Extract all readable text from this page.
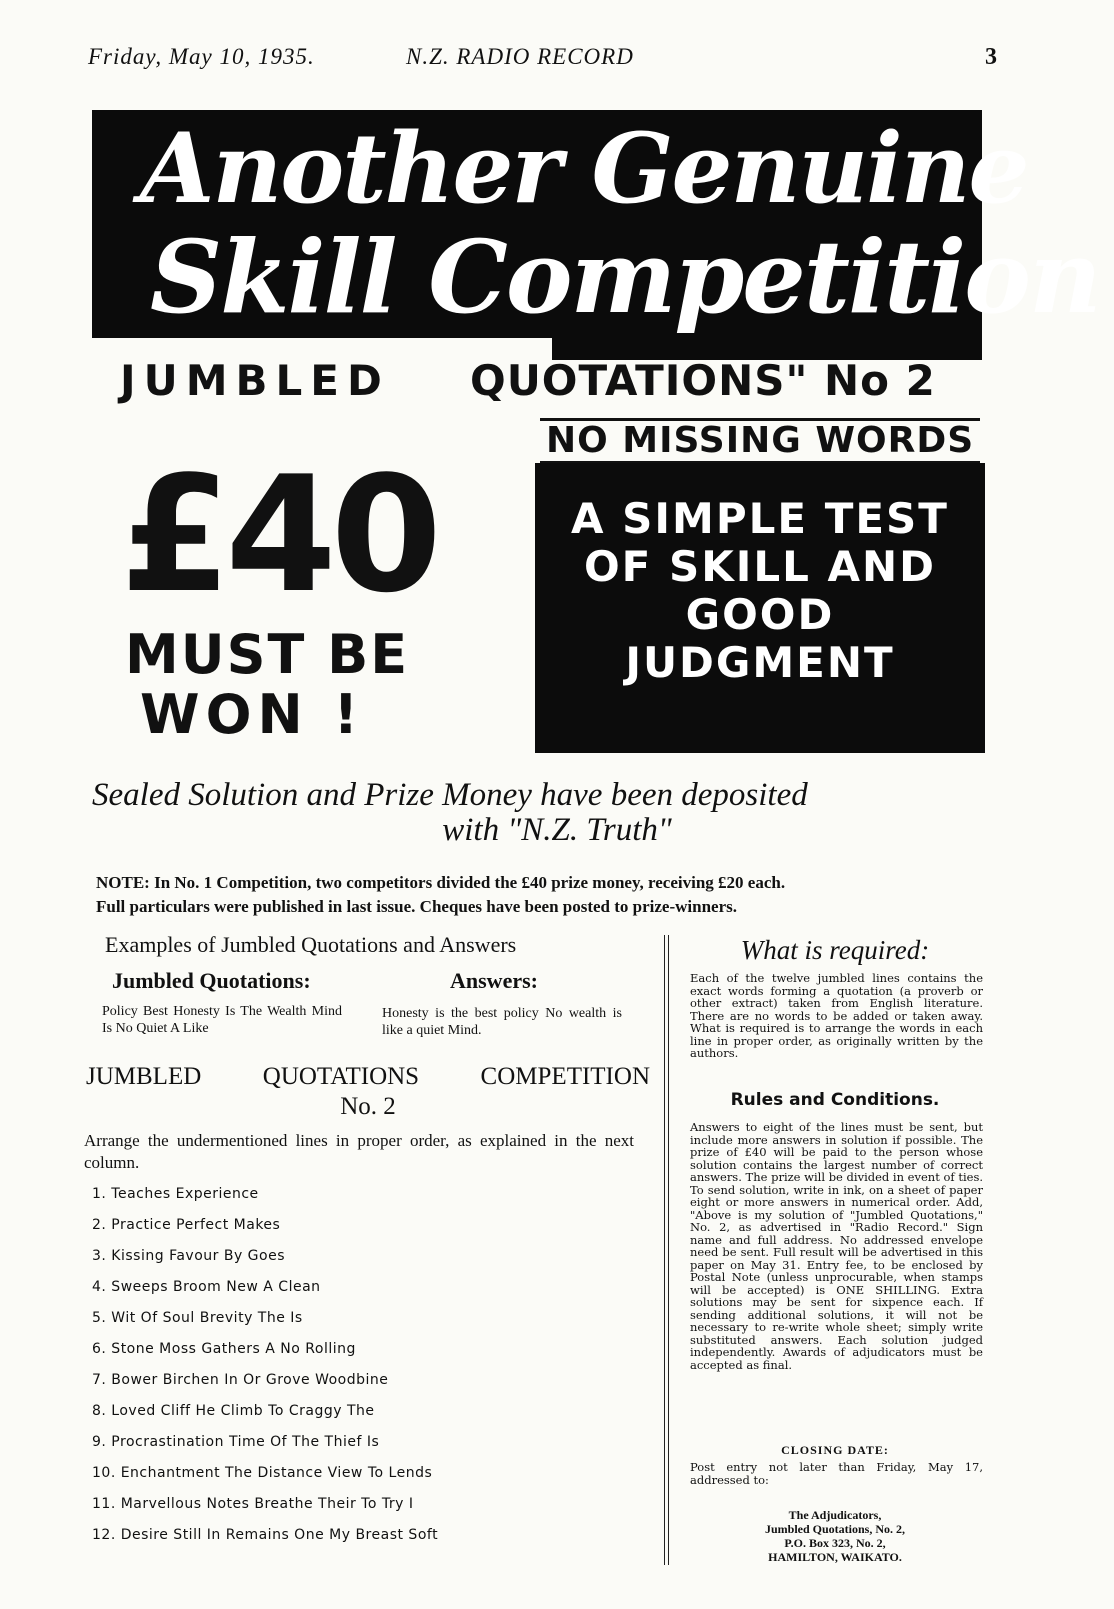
Friday, May 10, 1935.	N.Z. RADIO RECORD	3
Another Genuine
Skill Competition
JUMBLED QUOTATIONS" No 2
NO MISSING WORDS
£40
MUST BE
WON !
A SIMPLE TEST
OF SKILL AND
GOOD
JUDGMENT
Sealed Solution and Prize Money have been deposited
with "N.Z. Truth"
NOTE: In No. 1 Competition, two competitors divided the £40 prize money, receiving £20 each.
Full particulars were published in last issue. Cheques have been posted to prize-winners.
Examples of Jumbled Quotations and Answers
Jumbled Quotations:	Answers:
Policy Best Honesty Is The Wealth Mind Is No Quiet A Like
Honesty is the best policy No wealth is like a quiet Mind.
JUMBLED QUOTATIONS COMPETITION
No. 2
Arrange the undermentioned lines in proper order, as explained in the next column.
1. Teaches Experience
2. Practice Perfect Makes
3. Kissing Favour By Goes
4. Sweeps Broom New A Clean
5. Wit Of Soul Brevity The Is
6. Stone Moss Gathers A No Rolling
7. Bower Birchen In Or Grove Woodbine
8. Loved Cliff He Climb To Craggy The
9. Procrastination Time Of The Thief Is
10. Enchantment The Distance View To Lends
11. Marvellous Notes Breathe Their To Try I
12. Desire Still In Remains One My Breast Soft
What is required:
Each of the twelve jumbled lines contains the exact words forming a quotation (a proverb or other extract) taken from English literature. There are no words to be added or taken away. What is required is to arrange the words in each line in proper order, as originally written by the authors.
Rules and Conditions.
Answers to eight of the lines must be sent, but include more answers in solution if possible. The prize of £40 will be paid to the person whose solution contains the largest number of correct answers. The prize will be divided in event of ties. To send solution, write in ink, on a sheet of paper eight or more answers in numerical order. Add, "Above is my solution of "Jumbled Quotations," No. 2, as advertised in "Radio Record." Sign name and full address. No addressed envelope need be sent. Full result will be advertised in this paper on May 31. Entry fee, to be enclosed by Postal Note (unless unprocurable, when stamps will be accepted) is ONE SHILLING. Extra solutions may be sent for sixpence each. If sending additional solutions, it will not be necessary to re-write whole sheet; simply write substituted answers. Each solution judged independently. Awards of adjudicators must be accepted as final.
CLOSING DATE:
Post entry not later than Friday, May 17, addressed to:
The Adjudicators,
Jumbled Quotations, No. 2,
P.O. Box 323, No. 2,
HAMILTON, WAIKATO.
